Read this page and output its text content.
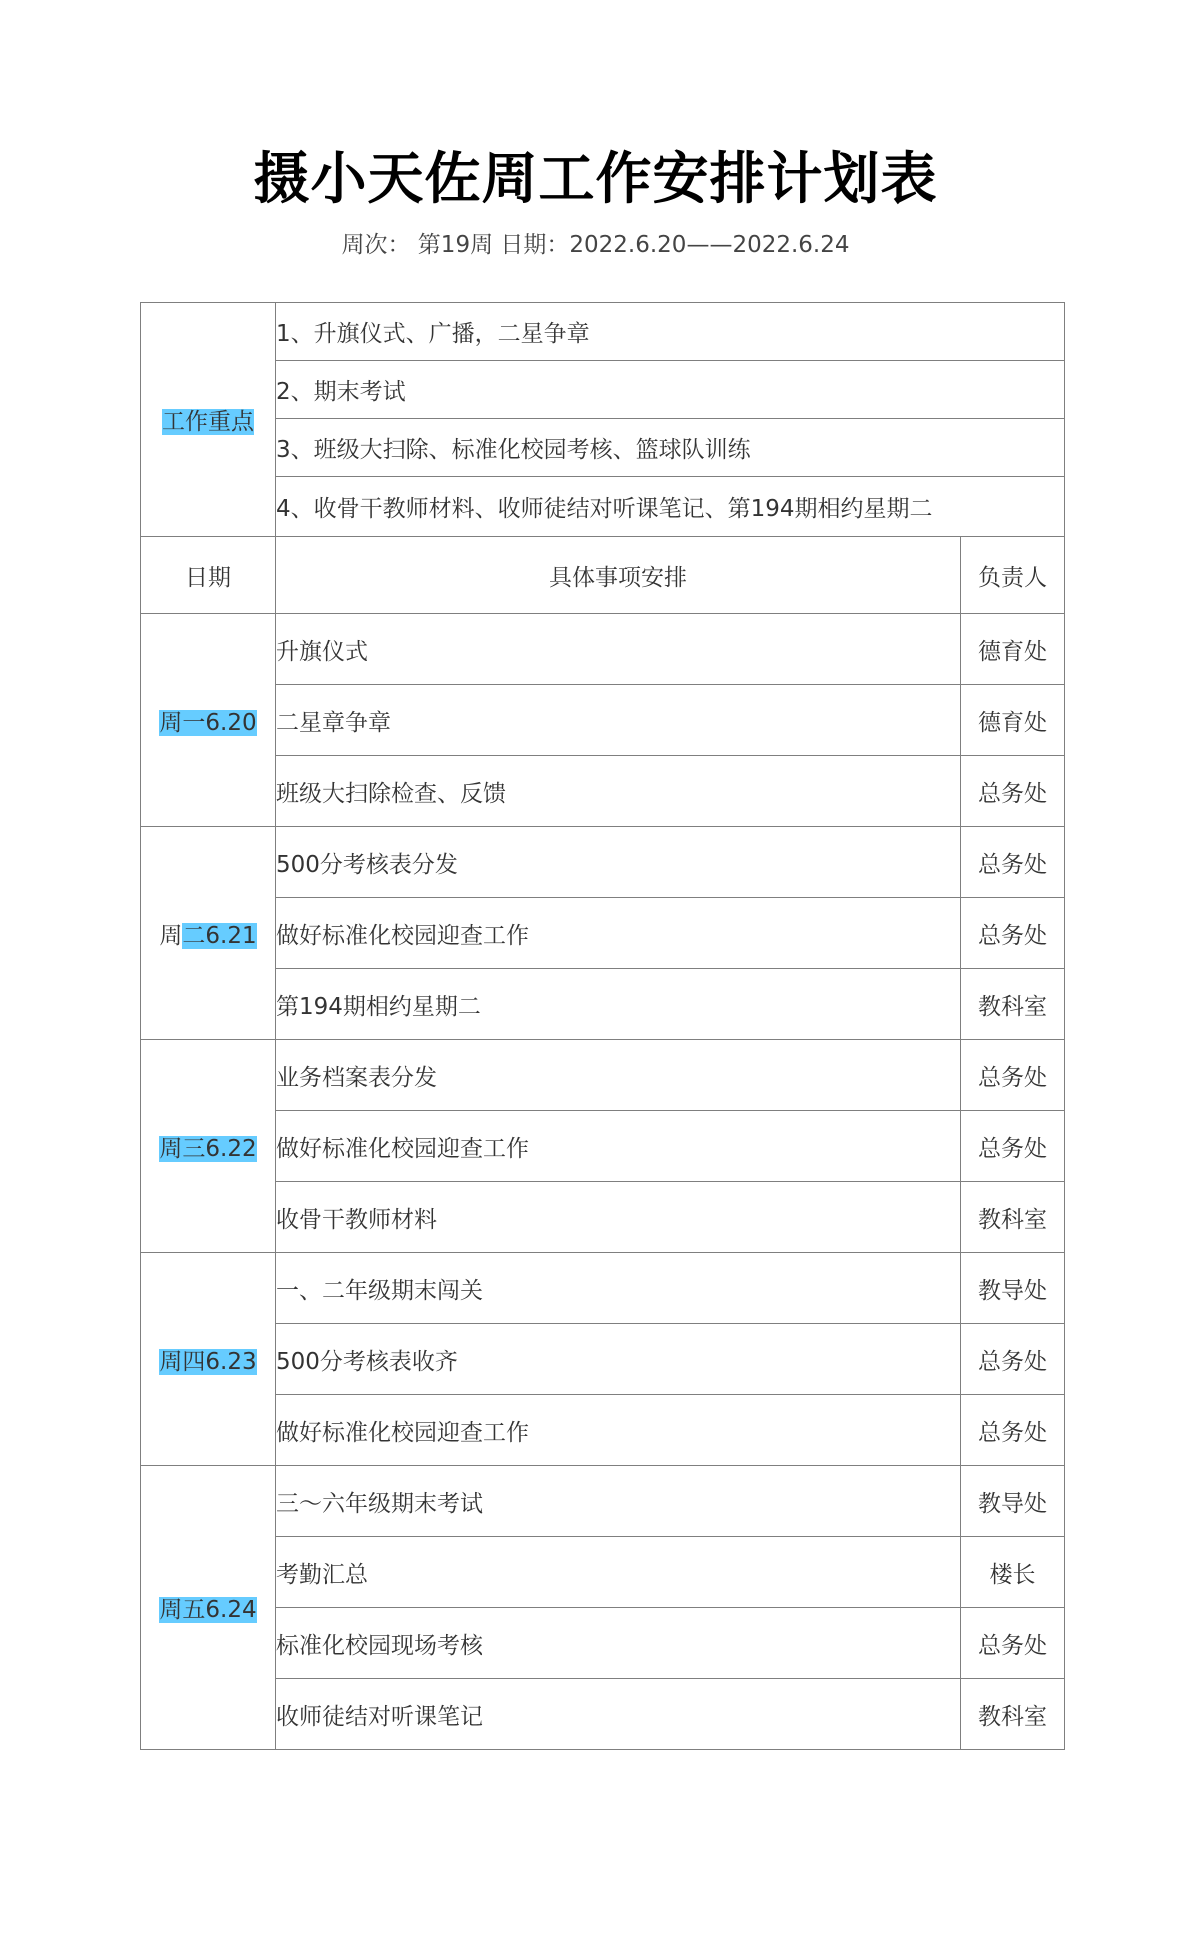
摄小天佐周工作安排计划表
周次： 第19周 日期：2022.6.20——2022.6.24
工作重点	1、升旗仪式、广播，二星争章	
	2、期末考试	
	3、班级大扫除、标准化校园考核、篮球队训练	
	4、收骨干教师材料、收师徒结对听课笔记、第194期相约星期二	
日期	具体事项安排	负责人
周一6.20	升旗仪式	德育处
	二星章争章	德育处
	班级大扫除检查、反馈	总务处
周二6.21	500分考核表分发	总务处
	做好标准化校园迎查工作	总务处
	第194期相约星期二	教科室
周三6.22	业务档案表分发	总务处
	做好标准化校园迎查工作	总务处
	收骨干教师材料	教科室
周四6.23	一、二年级期末闯关	教导处
	500分考核表收齐	总务处
	做好标准化校园迎查工作	总务处
周五6.24	三～六年级期末考试	教导处
	考勤汇总	楼长
	标准化校园现场考核	总务处
	收师徒结对听课笔记	教科室
